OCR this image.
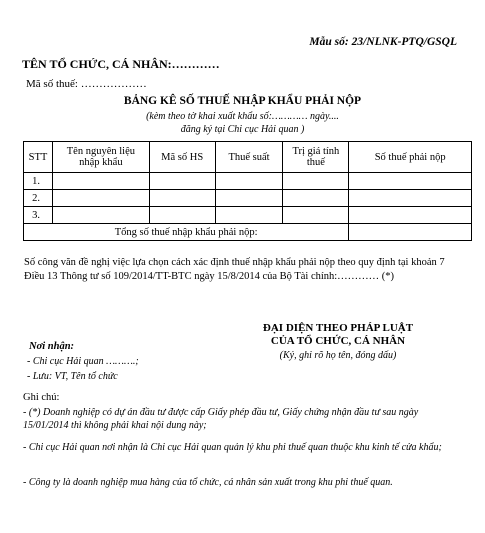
Mẫu số: 23/NLNK-PTQ/GSQL
TÊN TỔ CHỨC, CÁ NHÂN:…………
Mã số thuế: ………………
BẢNG KÊ SỐ THUẾ NHẬP KHẨU PHẢI NỘP
(kèm theo tờ khai xuất khẩu số:………… ngày....
đăng ký tại Chi cục Hải quan )
STT	Tên nguyên liệu nhập khẩu	Mã số HS	Thuế suất	Trị giá tính thuế	Số thuế phải nộp
1.					
2.					
3.					
Tổng số thuế nhập khẩu phải nộp:					
Số công văn đề nghị việc lựa chọn cách xác định thuế nhập khẩu phải nộp theo quy định tại khoản 7 Điều 13 Thông tư số 109/2014/TT-BTC ngày 15/8/2014 của Bộ Tài chính:………… (*)
Nơi nhận:
- Chi cục Hải quan ……….;
- Lưu: VT, Tên tổ chức
ĐẠI DIỆN THEO PHÁP LUẬT
CỦA TỔ CHỨC, CÁ NHÂN
(Ký, ghi rõ họ tên, đóng dấu)
Ghi chú:
- (*) Doanh nghiệp có dự án đầu tư được cấp Giấy phép đầu tư, Giấy chứng nhận đầu tư sau ngày 15/01/2014 thì không phải khai nội dung này;
- Chi cục Hải quan nơi nhận là Chi cục Hải quan quản lý khu phi thuế quan thuộc khu kinh tế cửa khẩu;
- Công ty là doanh nghiệp mua hàng của tổ chức, cá nhân sản xuất trong khu phi thuế quan.
